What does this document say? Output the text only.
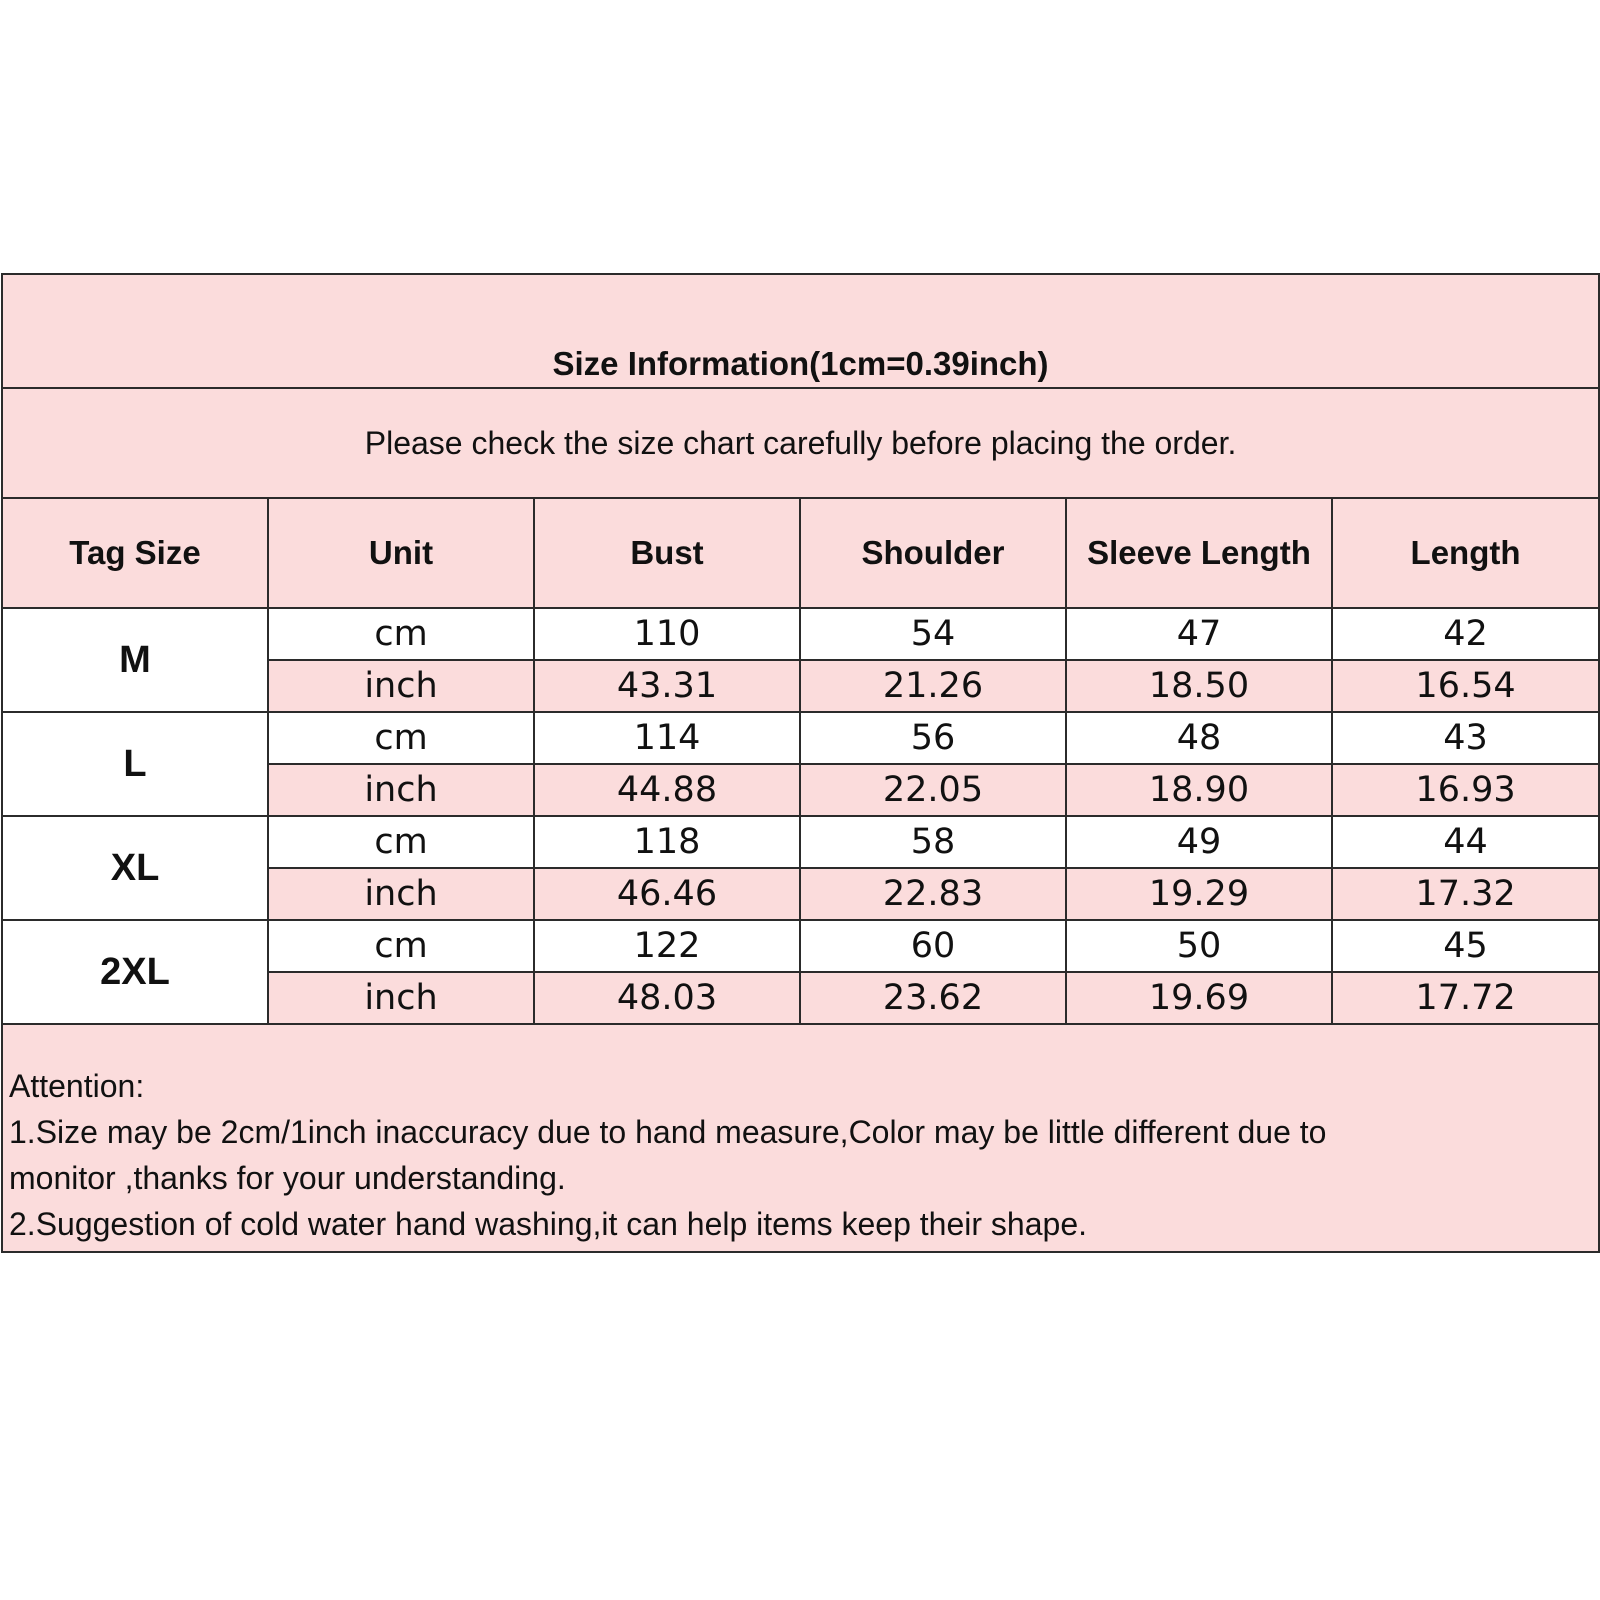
Size Information(1cm=0.39inch)					
Please check the size chart carefully before placing the order.					
Tag Size	Unit	Bust	Shoulder	Sleeve Length	Length
M	cm	110	54	47	42
	inch	43.31	21.26	18.50	16.54
L	cm	114	56	48	43
	inch	44.88	22.05	18.90	16.93
XL	cm	118	58	49	44
	inch	46.46	22.83	19.29	17.32
2XL	cm	122	60	50	45
	inch	48.03	23.62	19.69	17.72

Attention:
1.Size may be 2cm/1inch inaccuracy due to hand measure,Color may be little different due to
monitor ,thanks for your understanding.
2.Suggestion of cold water hand washing,it can help items keep their shape.					
